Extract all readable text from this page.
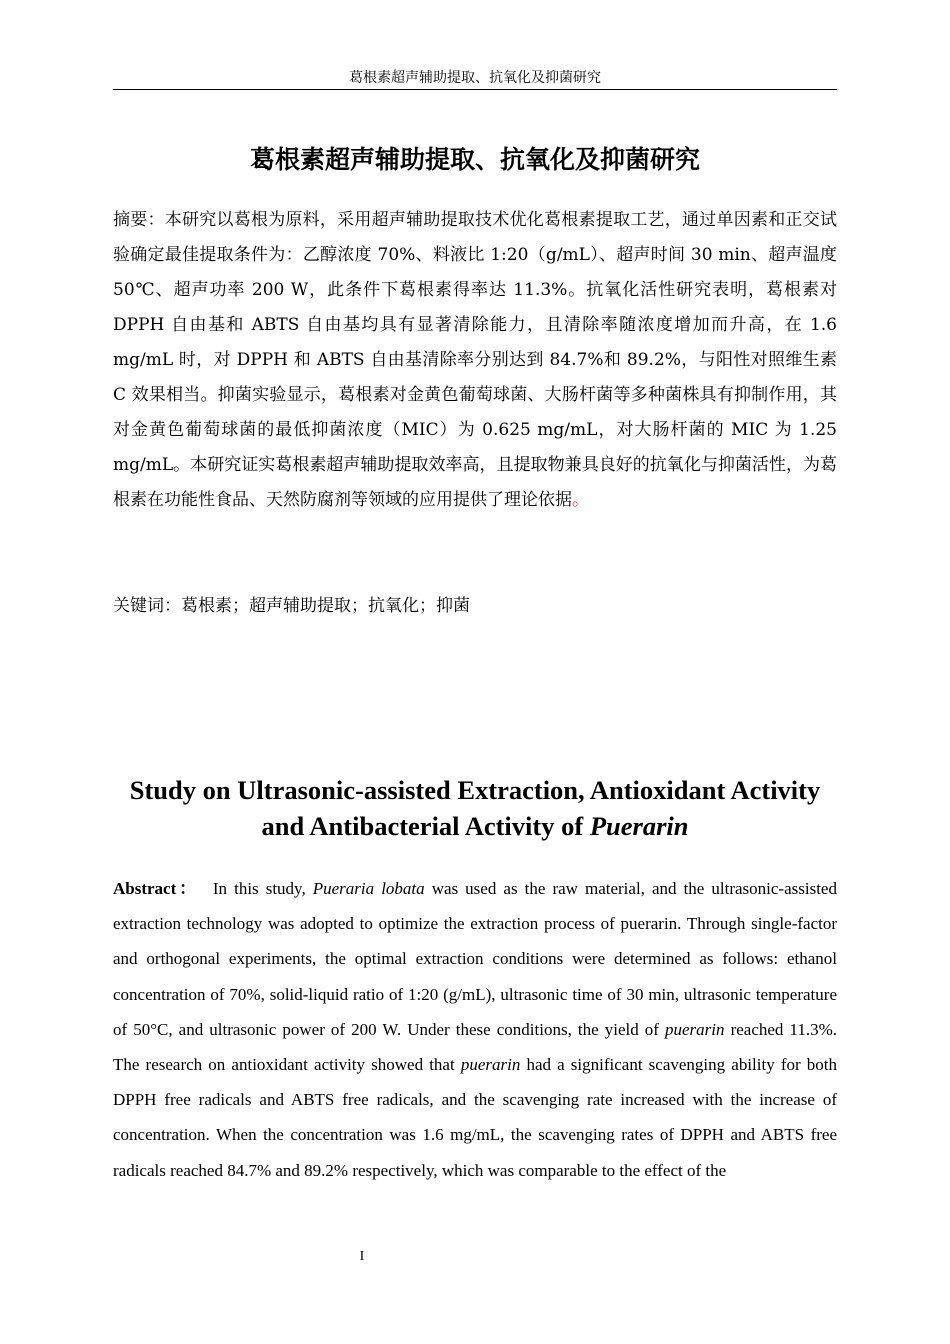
葛根素超声辅助提取、抗氧化及抑菌研究
葛根素超声辅助提取、抗氧化及抑菌研究

摘要：本研究以葛根为原料，采用超声辅助提取技术优化葛根素提取工艺，通过单因素和正交试验确定最佳提取条件为：乙醇浓度 70%、料液比 1:20（g/mL）、超声时间 30 min、超声温度 50℃、超声功率 200 W，此条件下葛根素得率达 11.3%。抗氧化活性研究表明，葛根素对 DPPH 自由基和 ABTS 自由基均具有显著清除能力，且清除率随浓度增加而升高，在 1.6 mg/mL 时，对 DPPH 和 ABTS 自由基清除率分别达到 84.7%和 89.2%，与阳性对照维生素 C 效果相当。抑菌实验显示，葛根素对金黄色葡萄球菌、大肠杆菌等多种菌株具有抑制作用，其对金黄色葡萄球菌的最低抑菌浓度（MIC）为 0.625 mg/mL，对大肠杆菌的 MIC 为 1.25 mg/mL。本研究证实葛根素超声辅助提取效率高，且提取物兼具良好的抗氧化与抑菌活性，为葛根素在功能性食品、天然防腐剂等领域的应用提供了理论依据。

关键词：葛根素；超声辅助提取；抗氧化；抑菌

Study on Ultrasonic-assisted Extraction, Antioxidant Activity and Antibacterial Activity of Puerarin

Abstract： In this study, Pueraria lobata was used as the raw material, and the ultrasonic-assisted extraction technology was adopted to optimize the extraction process of puerarin. Through single-factor and orthogonal experiments, the optimal extraction conditions were determined as follows: ethanol concentration of 70%, solid-liquid ratio of 1:20 (g/mL), ultrasonic time of 30 min, ultrasonic temperature of 50°C, and ultrasonic power of 200 W. Under these conditions, the yield of puerarin reached 11.3%. The research on antioxidant activity showed that puerarin had a significant scavenging ability for both DPPH free radicals and ABTS free radicals, and the scavenging rate increased with the increase of concentration. When the concentration was 1.6 mg/mL, the scavenging rates of DPPH and ABTS free radicals reached 84.7% and 89.2% respectively, which was comparable to the effect of the

I
